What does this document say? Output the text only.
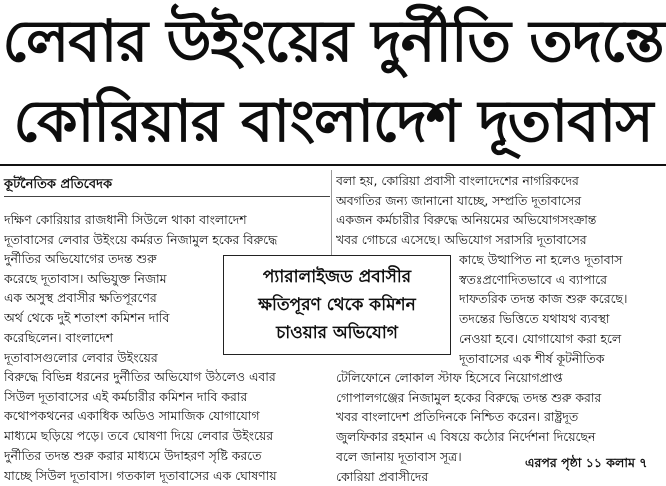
লেবার উইংয়ের দুর্নীতি তদন্তে
কোরিয়ার বাংলাদেশ দূতাবাস
কূটনৈতিক প্রতিবেদক
দক্ষিণ কোরিয়ার রাজধানী সিউলে থাকা বাংলাদেশ
দূতাবাসের লেবার উইংয়ে কর্মরত নিজামুল হকের বিরুদ্ধে
দুর্নীতির অভিযোগের তদন্ত শুরু
করেছে দূতাবাস। অভিযুক্ত নিজাম
এক অসুস্থ প্রবাসীর ক্ষতিপূরণের
অর্থ থেকে দুই শতাংশ কমিশন দাবি
করেছিলেন। বাংলাদেশ
দূতাবাসগুলোর লেবার উইংয়ের
বিরুদ্ধে বিভিন্ন ধরনের দুর্নীতির অভিযোগ উঠলেও এবার
সিউল দূতাবাসের এই কর্মচারীর কমিশন দাবি করার
কথোপকথনের একাধিক অডিও সামাজিক যোগাযোগ
মাধ্যমে ছড়িয়ে পড়ে। তবে ঘোষণা দিয়ে লেবার উইংয়ের
দুর্নীতির তদন্ত শুরু করার মাধ্যমে উদাহরণ সৃষ্টি করতে
যাচ্ছে সিউল দূতাবাস। গতকাল দূতাবাসের এক ঘোষণায়
বলা হয়, কোরিয়া প্রবাসী বাংলাদেশের নাগরিকদের
অবগতির জন্য জানানো যাচ্ছে, সম্প্রতি দূতাবাসের
একজন কর্মচারীর বিরুদ্ধে অনিয়মের অভিযোগসংক্রান্ত
খবর গোচরে এসেছে। অভিযোগ সরাসরি দূতাবাসের
কাছে উত্থাপিত না হলেও দূতাবাস
স্বতঃপ্রণোদিতভাবে এ ব্যাপারে
দাফতরিক তদন্ত কাজ শুরু করেছে।
তদন্তের ভিত্তিতে যথাযথ ব্যবস্থা
নেওয়া হবে। যোগাযোগ করা হলে
দূতাবাসের এক শীর্ষ কূটনীতিক
টেলিফোনে লোকাল স্টাফ হিসেবে নিয়োগপ্রাপ্ত
গোপালগঞ্জের নিজামুল হকের বিরুদ্ধে তদন্ত শুরু করার
খবর বাংলাদেশ প্রতিদিনকে নিশ্চিত করেন। রাষ্ট্রদূত
জুলফিকার রহমান এ বিষয়ে কঠোর নির্দেশনা দিয়েছেন
বলে জানায় দূতাবাস সূত্র।
কোরিয়া প্রবাসীদের
প্যারালাইজড প্রবাসীর
ক্ষতিপূরণ থেকে কমিশন
চাওয়ার অভিযোগ
এরপর পৃষ্ঠা ১১ কলাম ৭
